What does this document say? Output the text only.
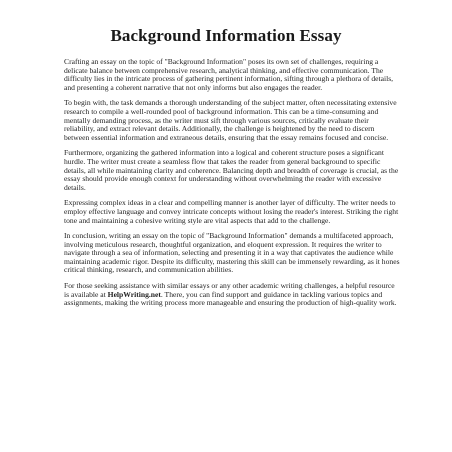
Background Information Essay

Crafting an essay on the topic of "Background Information" poses its own set of challenges, requiring a delicate balance between comprehensive research, analytical thinking, and effective communication. The difficulty lies in the intricate process of gathering pertinent information, sifting through a plethora of details, and presenting a coherent narrative that not only informs but also engages the reader.

To begin with, the task demands a thorough understanding of the subject matter, often necessitating extensive research to compile a well-rounded pool of background information. This can be a time-consuming and mentally demanding process, as the writer must sift through various sources, critically evaluate their reliability, and extract relevant details. Additionally, the challenge is heightened by the need to discern between essential information and extraneous details, ensuring that the essay remains focused and concise.

Furthermore, organizing the gathered information into a logical and coherent structure poses a significant hurdle. The writer must create a seamless flow that takes the reader from general background to specific details, all while maintaining clarity and coherence. Balancing depth and breadth of coverage is crucial, as the essay should provide enough context for understanding without overwhelming the reader with excessive details.

Expressing complex ideas in a clear and compelling manner is another layer of difficulty. The writer needs to employ effective language and convey intricate concepts without losing the reader's interest. Striking the right tone and maintaining a cohesive writing style are vital aspects that add to the challenge.

In conclusion, writing an essay on the topic of "Background Information" demands a multifaceted approach, involving meticulous research, thoughtful organization, and eloquent expression. It requires the writer to navigate through a sea of information, selecting and presenting it in a way that captivates the audience while maintaining academic rigor. Despite its difficulty, mastering this skill can be immensely rewarding, as it hones critical thinking, research, and communication abilities.

For those seeking assistance with similar essays or any other academic writing challenges, a helpful resource is available at HelpWriting.net. There, you can find support and guidance in tackling various topics and assignments, making the writing process more manageable and ensuring the production of high-quality work.
